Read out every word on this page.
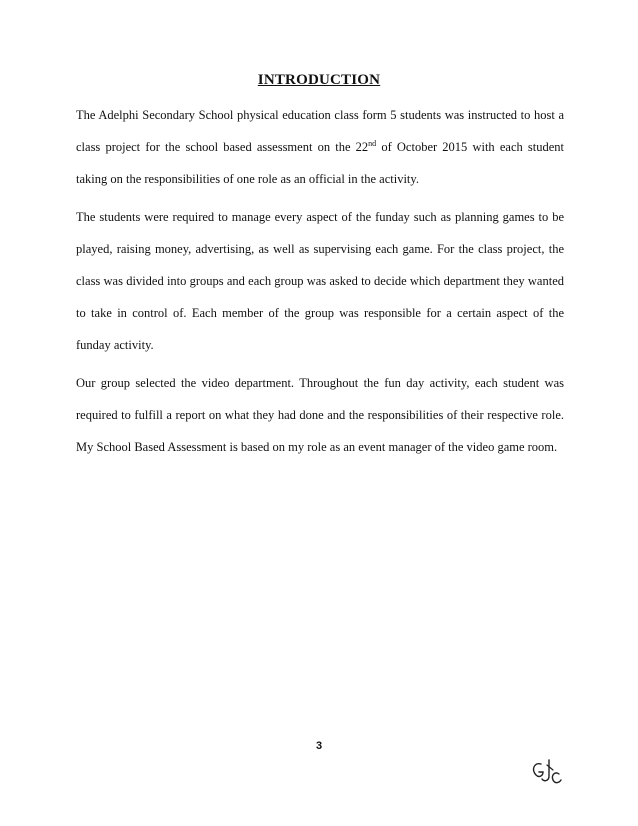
INTRODUCTION

The Adelphi Secondary School physical education class form 5 students was instructed to host a class project for the school based assessment on the 22nd of October 2015 with each student taking on the responsibilities of one role as an official in the activity.

The students were required to manage every aspect of the funday such as planning games to be played, raising money, advertising, as well as supervising each game. For the class project, the class was divided into groups and each group was asked to decide which department they wanted to take in control of. Each member of the group was responsible for a certain aspect of the funday activity.

Our group selected the video department. Throughout the fun day activity, each student was required to fulfill a report on what they had done and the responsibilities of their respective role. My School Based Assessment is based on my role as an event manager of the video game room.

3
